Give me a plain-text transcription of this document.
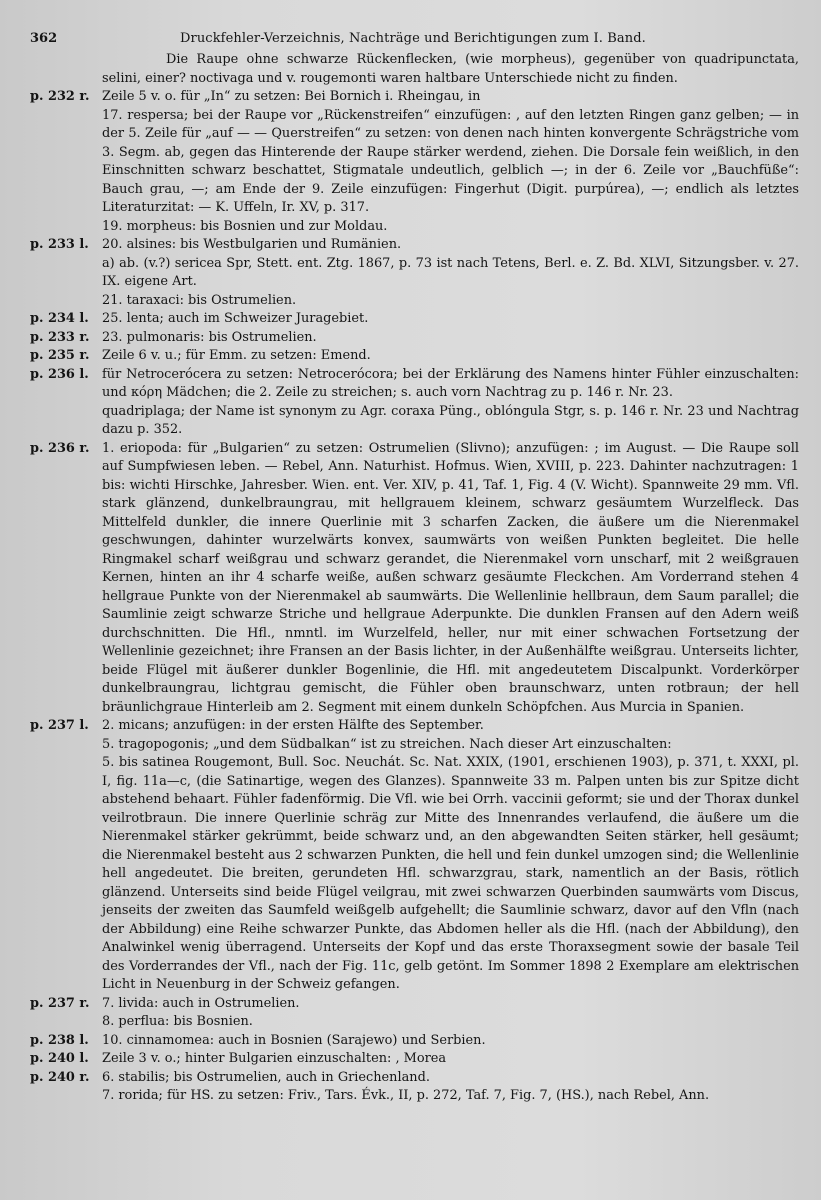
362	Druckfehler-Verzeichnis, Nachträge und Berichtigungen zum I. Band.
Die Raupe ohne schwarze Rückenflecken, (wie morpheus), gegenüber von quadripunctata, selini, einer? noctivaga und v. rougemonti waren haltbare Unterschiede nicht zu finden.
p. 232 r. Zeile 5 v. o. für „In“ zu setzen: Bei Bornich i. Rheingau, in
17. respersa; bei der Raupe vor „Rückenstreifen“ einzufügen: , auf den letzten Ringen ganz gelben; — in der 5. Zeile für „auf — — Querstreifen“ zu setzen: von denen nach hinten konvergente Schrägstriche vom 3. Segm. ab, gegen das Hinterende der Raupe stärker werdend, ziehen. Die Dorsale fein weißlich, in den Einschnitten schwarz beschattet, Stigmatale undeutlich, gelblich —; in der 6. Zeile vor „Bauchfüße“: Bauch grau, —; am Ende der 9. Zeile einzufügen: Fingerhut (Digit. purpúrea), —; endlich als letztes Literaturzitat: — K. Uffeln, Ir. XV, p. 317.
19. morpheus: bis Bosnien und zur Moldau.
p. 233 l.	20. alsines: bis Westbulgarien und Rumänien.
a) ab. (v.?) sericea Spr, Stett. ent. Ztg. 1867, p. 73 ist nach Tetens, Berl. e. Z. Bd. XLVI, Sitzungsber. v. 27. IX. eigene Art.
21. taraxaci: bis Ostrumelien.
p. 234 l.	25. lenta; auch im Schweizer Juragebiet.
p. 233 r. 23. pulmonaris: bis Ostrumelien.
p. 235 r. Zeile 6 v. u.; für Emm. zu setzen: Emend.
p. 236 l.	für Netrocerócera zu setzen: Netrocerócora; bei der Erklärung des Namens hinter Fühler einzuschalten: und κόρη Mädchen; die 2. Zeile zu streichen; s. auch vorn Nachtrag zu p. 146 r. Nr. 23.
quadriplaga; der Name ist synonym zu Agr. coraxa Püng., oblóngula Stgr, s. p. 146 r. Nr. 23 und Nachtrag dazu p. 352.
p. 236 r. 1. eriopoda: für „Bulgarien“ zu setzen: Ostrumelien (Slivno); anzufügen: ; im August. — Die Raupe soll auf Sumpfwiesen leben. — Rebel, Ann. Naturhist. Hofmus. Wien, XVIII, p. 223. Dahinter nachzutragen: 1 bis: wichti Hirschke, Jahresber. Wien. ent. Ver. XIV, p. 41, Taf. 1, Fig. 4 (V. Wicht). Spannweite 29 mm. Vfl. stark glänzend, dunkelbraungrau, mit hellgrauem kleinem, schwarz gesäumtem Wurzelfleck. Das Mittelfeld dunkler, die innere Querlinie mit 3 scharfen Zacken, die äußere um die Nierenmakel geschwungen, dahinter wurzelwärts konvex, saumwärts von weißen Punkten begleitet. Die helle Ringmakel scharf weißgrau und schwarz gerandet, die Nierenmakel vorn unscharf, mit 2 weißgrauen Kernen, hinten an ihr 4 scharfe weiße, außen schwarz gesäumte Fleckchen. Am Vorderrand stehen 4 hellgraue Punkte von der Nierenmakel ab saumwärts. Die Wellenlinie hellbraun, dem Saum parallel; die Saumlinie zeigt schwarze Striche und hellgraue Aderpunkte. Die dunklen Fransen auf den Adern weiß durchschnitten. Die Hfl., nmntl. im Wurzelfeld, heller, nur mit einer schwachen Fortsetzung der Wellenlinie gezeichnet; ihre Fransen an der Basis lichter, in der Außenhälfte weißgrau. Unterseits lichter, beide Flügel mit äußerer dunkler Bogenlinie, die Hfl. mit angedeutetem Discalpunkt. Vorderkörper dunkelbraungrau, lichtgrau gemischt, die Fühler oben braunschwarz, unten rotbraun; der hell bräunlichgraue Hinterleib am 2. Segment mit einem dunkeln Schöpfchen. Aus Murcia in Spanien.
p. 237 l.	2. micans; anzufügen: in der ersten Hälfte des September.
5. tragopogonis; „und dem Südbalkan“ ist zu streichen. Nach dieser Art einzuschalten:
5. bis satinea Rougemont, Bull. Soc. Neuchát. Sc. Nat. XXIX, (1901, erschienen 1903), p. 371, t. XXXI, pl. I, fig. 11a—c, (die Satinartige, wegen des Glanzes). Spannweite 33 m. Palpen unten bis zur Spitze dicht abstehend behaart. Fühler fadenförmig. Die Vfl. wie bei Orrh. vaccinii geformt; sie und der Thorax dunkel veilrotbraun. Die innere Querlinie schräg zur Mitte des Innenrandes verlaufend, die äußere um die Nierenmakel stärker gekrümmt, beide schwarz und, an den abgewandten Seiten stärker, hell gesäumt; die Nierenmakel besteht aus 2 schwarzen Punkten, die hell und fein dunkel umzogen sind; die Wellenlinie hell angedeutet. Die breiten, gerundeten Hfl. schwarzgrau, stark, namentlich an der Basis, rötlich glänzend. Unterseits sind beide Flügel veilgrau, mit zwei schwarzen Querbinden saumwärts vom Discus, jenseits der zweiten das Saumfeld weißgelb aufgehellt; die Saumlinie schwarz, davor auf den Vfln (nach der Abbildung) eine Reihe schwarzer Punkte, das Abdomen heller als die Hfl. (nach der Abbildung), den Analwinkel wenig überragend. Unterseits der Kopf und das erste Thoraxsegment sowie der basale Teil des Vorderrandes der Vfl., nach der Fig. 11c, gelb getönt. Im Sommer 1898 2 Exemplare am elektrischen Licht in Neuenburg in der Schweiz gefangen.
p. 237 r. 7. livida: auch in Ostrumelien.
8. perflua: bis Bosnien.
p. 238 l.	10. cinnamomea: auch in Bosnien (Sarajewo) und Serbien.
p. 240 l.	Zeile 3 v. o.; hinter Bulgarien einzuschalten: , Morea
p. 240 r. 6. stabilis; bis Ostrumelien, auch in Griechenland.
7. rorida; für HS. zu setzen: Friv., Tars. Évk., II, p. 272, Taf. 7, Fig. 7, (HS.), nach Rebel, Ann.
